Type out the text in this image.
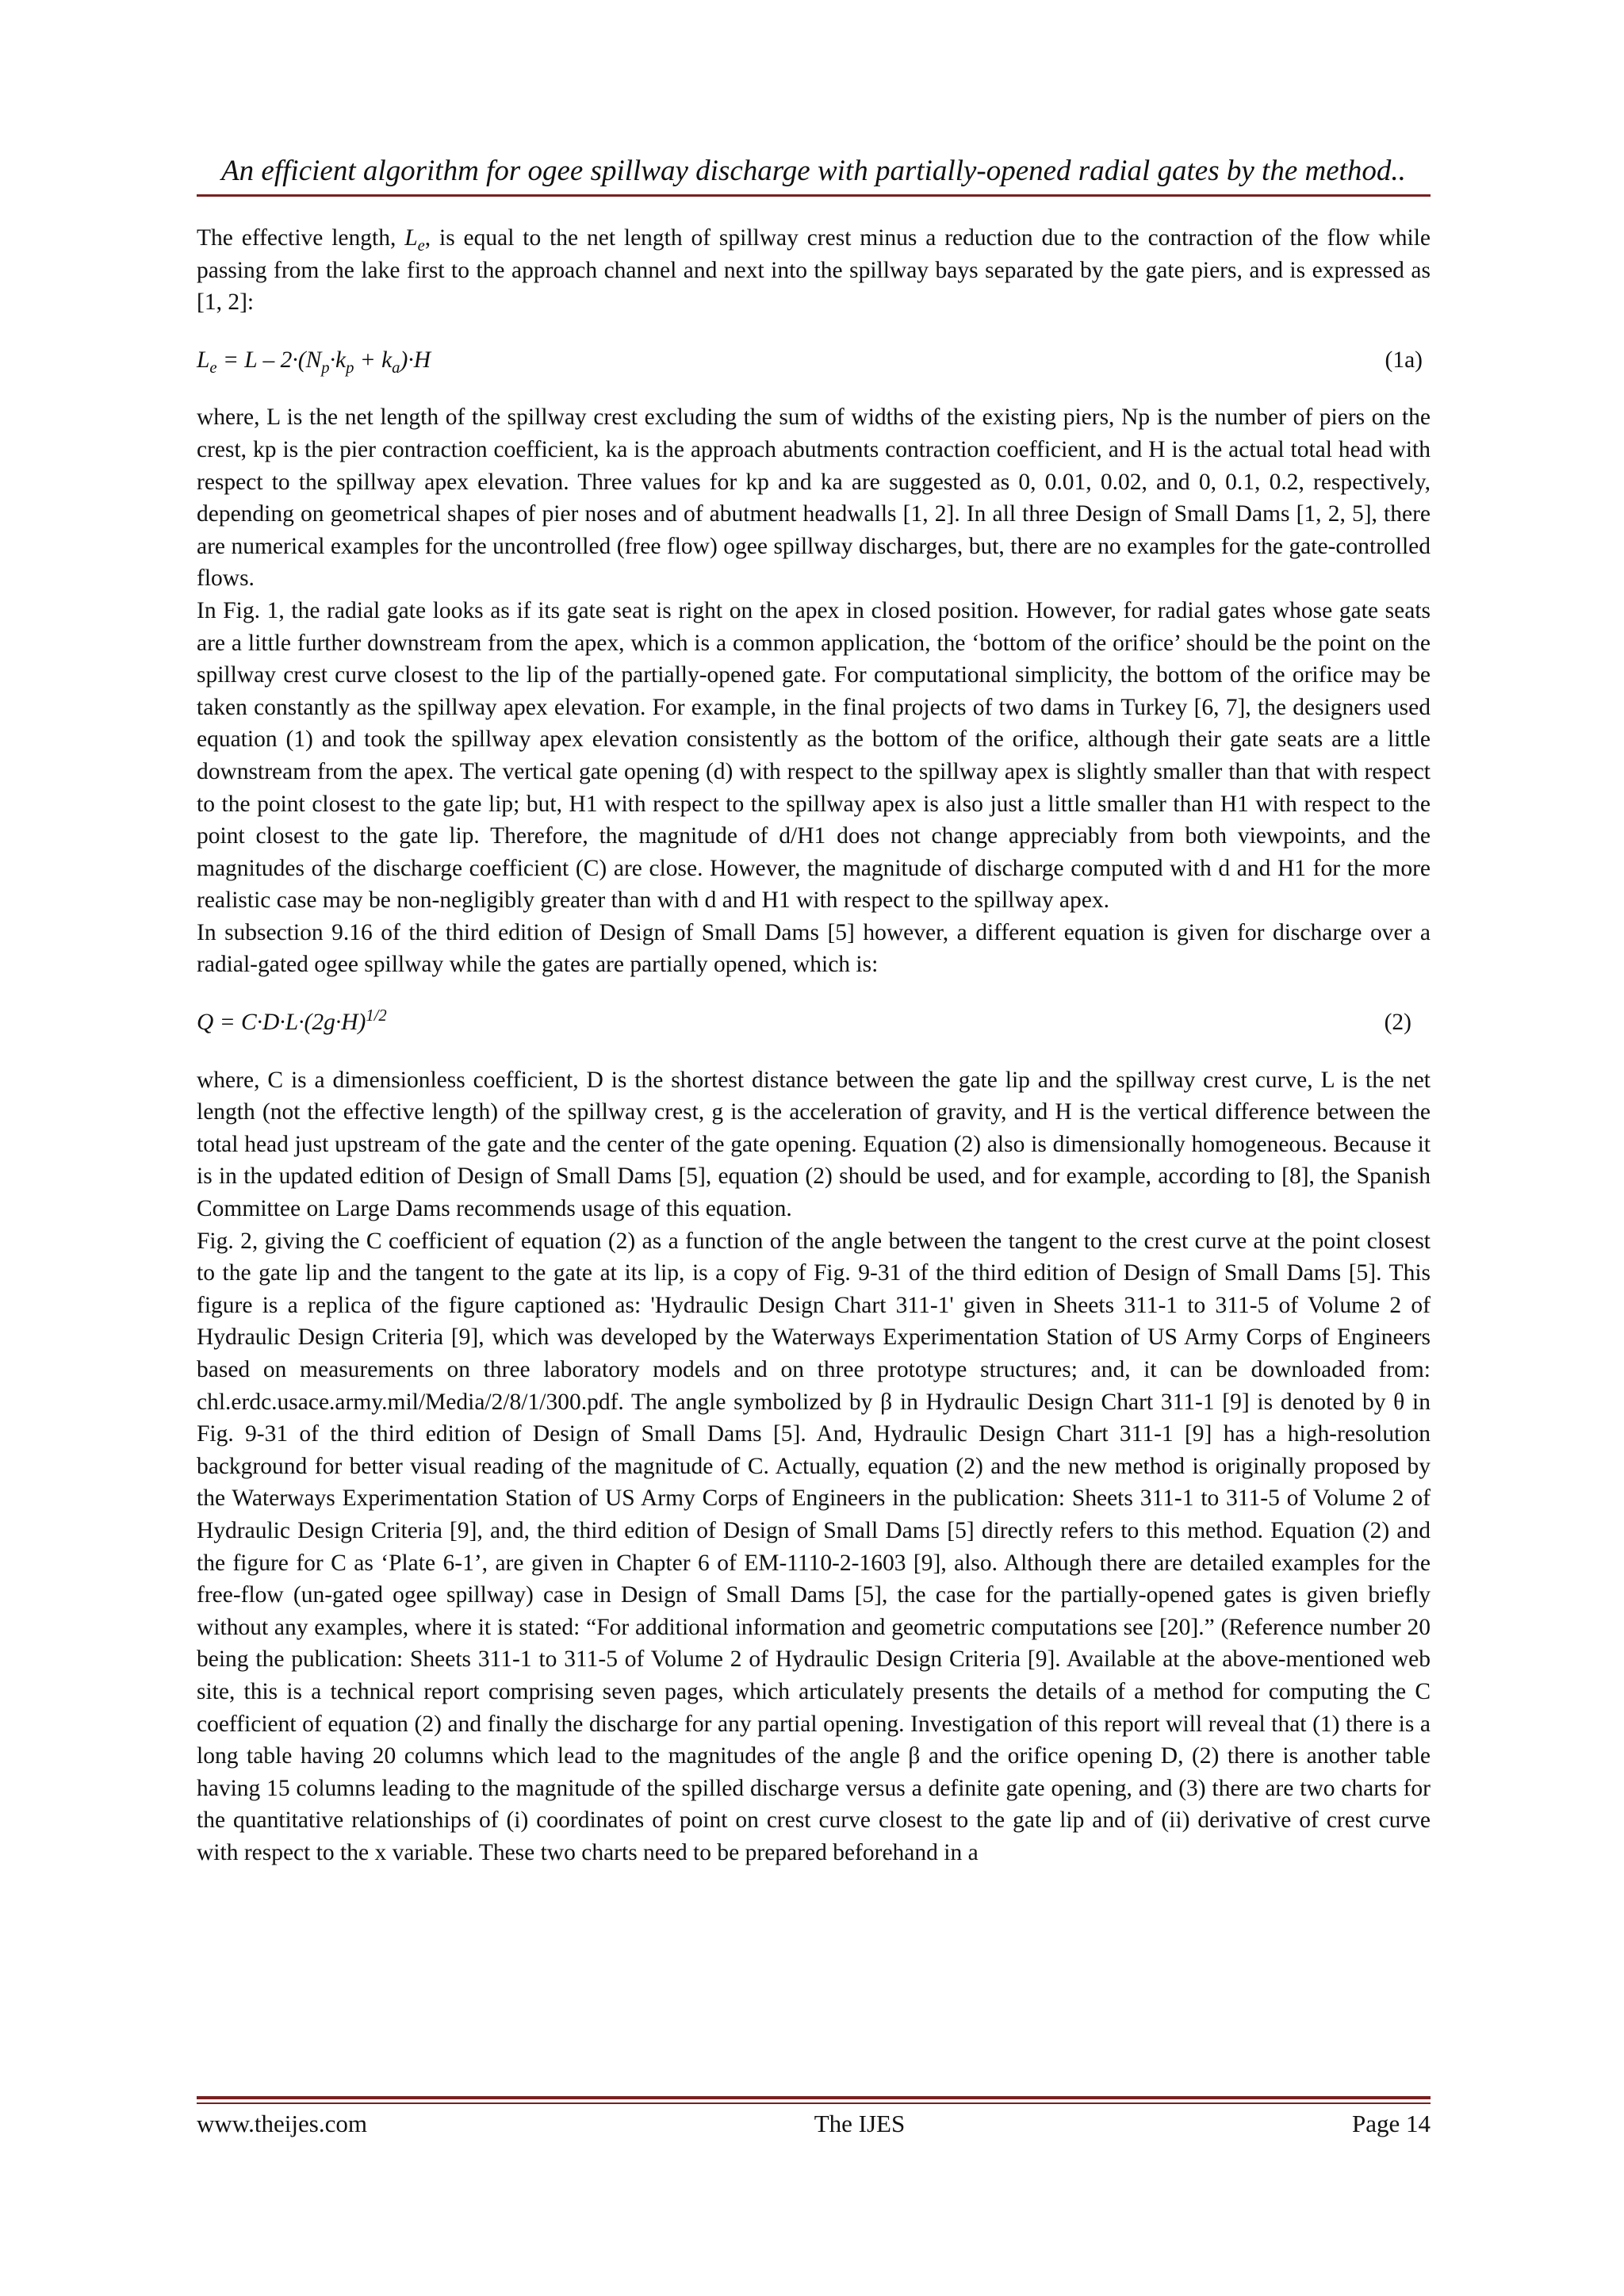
An efficient algorithm for ogee spillway discharge with partially-opened radial gates by the method..

The effective length, $L_e$, is equal to the net length of spillway crest minus a reduction due to the contraction of the flow while passing from the lake first to the approach channel and next into the spillway bays separated by the gate piers, and is expressed as [1, 2]:

$L_e = L - 2\cdot(N_p\cdot k_p + k_a)\cdot H$	(1a)

where, L is the net length of the spillway crest excluding the sum of widths of the existing piers, Np is the number of piers on the crest, kp is the pier contraction coefficient, ka is the approach abutments contraction coefficient, and H is the actual total head with respect to the spillway apex elevation. Three values for kp and ka are suggested as 0, 0.01, 0.02, and 0, 0.1, 0.2, respectively, depending on geometrical shapes of pier noses and of abutment headwalls [1, 2]. In all three Design of Small Dams [1, 2, 5], there are numerical examples for the uncontrolled (free flow) ogee spillway discharges, but, there are no examples for the gate-controlled flows.

In Fig. 1, the radial gate looks as if its gate seat is right on the apex in closed position. However, for radial gates whose gate seats are a little further downstream from the apex, which is a common application, the ‘bottom of the orifice’ should be the point on the spillway crest curve closest to the lip of the partially-opened gate. For computational simplicity, the bottom of the orifice may be taken constantly as the spillway apex elevation. For example, in the final projects of two dams in Turkey [6, 7], the designers used equation (1) and took the spillway apex elevation consistently as the bottom of the orifice, although their gate seats are a little downstream from the apex. The vertical gate opening (d) with respect to the spillway apex is slightly smaller than that with respect to the point closest to the gate lip; but, H1 with respect to the spillway apex is also just a little smaller than H1 with respect to the point closest to the gate lip. Therefore, the magnitude of d/H1 does not change appreciably from both viewpoints, and the magnitudes of the discharge coefficient (C) are close. However, the magnitude of discharge computed with d and H1 for the more realistic case may be non-negligibly greater than with d and H1 with respect to the spillway apex.

In subsection 9.16 of the third edition of Design of Small Dams [5] however, a different equation is given for discharge over a radial-gated ogee spillway while the gates are partially opened, which is:

$Q = C\cdot D\cdot L\cdot(2g\cdot H)^{1/2}$	(2)

where, C is a dimensionless coefficient, D is the shortest distance between the gate lip and the spillway crest curve, L is the net length (not the effective length) of the spillway crest, g is the acceleration of gravity, and H is the vertical difference between the total head just upstream of the gate and the center of the gate opening. Equation (2) also is dimensionally homogeneous. Because it is in the updated edition of Design of Small Dams [5], equation (2) should be used, and for example, according to [8], the Spanish Committee on Large Dams recommends usage of this equation.

Fig. 2, giving the C coefficient of equation (2) as a function of the angle between the tangent to the crest curve at the point closest to the gate lip and the tangent to the gate at its lip, is a copy of Fig. 9-31 of the third edition of Design of Small Dams [5]. This figure is a replica of the figure captioned as: 'Hydraulic Design Chart 311-1' given in Sheets 311-1 to 311-5 of Volume 2 of Hydraulic Design Criteria [9], which was developed by the Waterways Experimentation Station of US Army Corps of Engineers based on measurements on three laboratory models and on three prototype structures; and, it can be downloaded from: chl.erdc.usace.army.mil/Media/2/8/1/300.pdf. The angle symbolized by β in Hydraulic Design Chart 311-1 [9] is denoted by θ in Fig. 9-31 of the third edition of Design of Small Dams [5]. And, Hydraulic Design Chart 311-1 [9] has a high-resolution background for better visual reading of the magnitude of C. Actually, equation (2) and the new method is originally proposed by the Waterways Experimentation Station of US Army Corps of Engineers in the publication: Sheets 311-1 to 311-5 of Volume 2 of Hydraulic Design Criteria [9], and, the third edition of Design of Small Dams [5] directly refers to this method. Equation (2) and the figure for C as ‘Plate 6-1’, are given in Chapter 6 of EM-1110-2-1603 [9], also. Although there are detailed examples for the free-flow (un-gated ogee spillway) case in Design of Small Dams [5], the case for the partially-opened gates is given briefly without any examples, where it is stated: “For additional information and geometric computations see [20].” (Reference number 20 being the publication: Sheets 311-1 to 311-5 of Volume 2 of Hydraulic Design Criteria [9]. Available at the above-mentioned web site, this is a technical report comprising seven pages, which articulately presents the details of a method for computing the C coefficient of equation (2) and finally the discharge for any partial opening. Investigation of this report will reveal that (1) there is a long table having 20 columns which lead to the magnitudes of the angle β and the orifice opening D, (2) there is another table having 15 columns leading to the magnitude of the spilled discharge versus a definite gate opening, and (3) there are two charts for the quantitative relationships of (i) coordinates of point on crest curve closest to the gate lip and of (ii) derivative of crest curve with respect to the x variable. These two charts need to be prepared beforehand in a

www.theijes.com	The IJES	Page 14
